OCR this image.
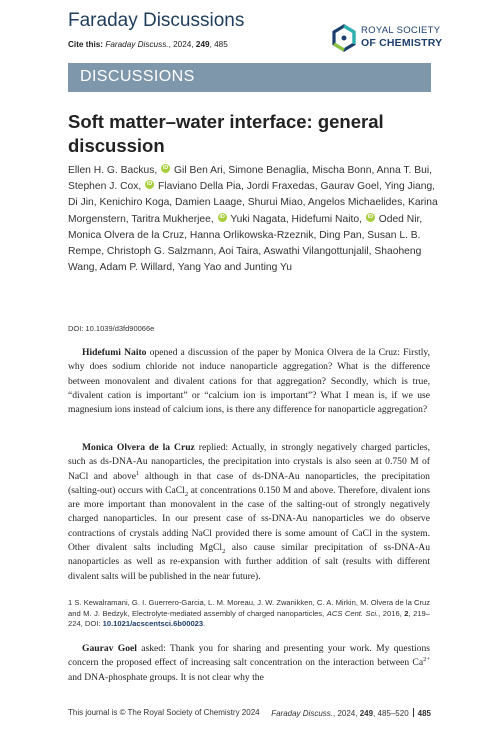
Faraday Discussions
Cite this: Faraday Discuss., 2024, 249, 485
ROYAL SOCIETY
OF CHEMISTRY
DISCUSSIONS
Soft matter–water interface: general discussion
Ellen H. G. Backus, iD Gil Ben Ari, Simone Benaglia, Mischa Bonn, Anna T. Bui, Stephen J. Cox, iD Flaviano Della Pia, Jordi Fraxedas, Gaurav Goel, Ying Jiang, Di Jin, Kenichiro Koga, Damien Laage, Shurui Miao, Angelos Michaelides, Karina Morgenstern, Taritra Mukherjee, iD Yuki Nagata, Hidefumi Naito, iD Oded Nir, Monica Olvera de la Cruz, Hanna Orlikowska-Rzeznik, Ding Pan, Susan L. B. Rempe, Christoph G. Salzmann, Aoi Taira, Aswathi Vilangottunjalil, Shaoheng Wang, Adam P. Willard, Yang Yao and Junting Yu
DOI: 10.1039/d3fd90066e
Hidefumi Naito opened a discussion of the paper by Monica Olvera de la Cruz: Firstly, why does sodium chloride not induce nanoparticle aggregation? What is the difference between monovalent and divalent cations for that aggregation? Secondly, which is true, “divalent cation is important” or “calcium ion is important”? What I mean is, if we use magnesium ions instead of calcium ions, is there any difference for nanoparticle aggregation?
Monica Olvera de la Cruz replied: Actually, in strongly negatively charged particles, such as ds-DNA-Au nanoparticles, the precipitation into crystals is also seen at 0.750 M of NaCl and above$^1$ although in that case of ds-DNA-Au nanoparticles, the precipitation (salting-out) occurs with CaCl$_2$ at concentrations 0.150 M and above. Therefore, divalent ions are more important than monovalent in the case of the salting-out of strongly negatively charged nanoparticles. In our present case of ss-DNA-Au nanoparticles we do observe contractions of crystals adding NaCl provided there is some amount of CaCl in the system. Other divalent salts including MgCl$_2$ also cause similar precipitation of ss-DNA-Au nanoparticles as well as re-expansion with further addition of salt (results with different divalent salts will be published in the near future).
1 S. Kewalramani, G. I. Guerrero-Garcia, L. M. Moreau, J. W. Zwanikken, C. A. Mirkin, M. Olvera de la Cruz and M. J. Bedzyk, Electrolyte-mediated assembly of charged nanoparticles, ACS Cent. Sci., 2016, 2, 219–224, DOI: 10.1021/acscentsci.6b00023.
Gaurav Goel asked: Thank you for sharing and presenting your work. My questions concern the proposed effect of increasing salt concentration on the interaction between $Ca^{2+}$ and DNA-phosphate groups. It is not clear why the
This journal is © The Royal Society of Chemistry 2024 Faraday Discuss., 2024, 249, 485–520 485
